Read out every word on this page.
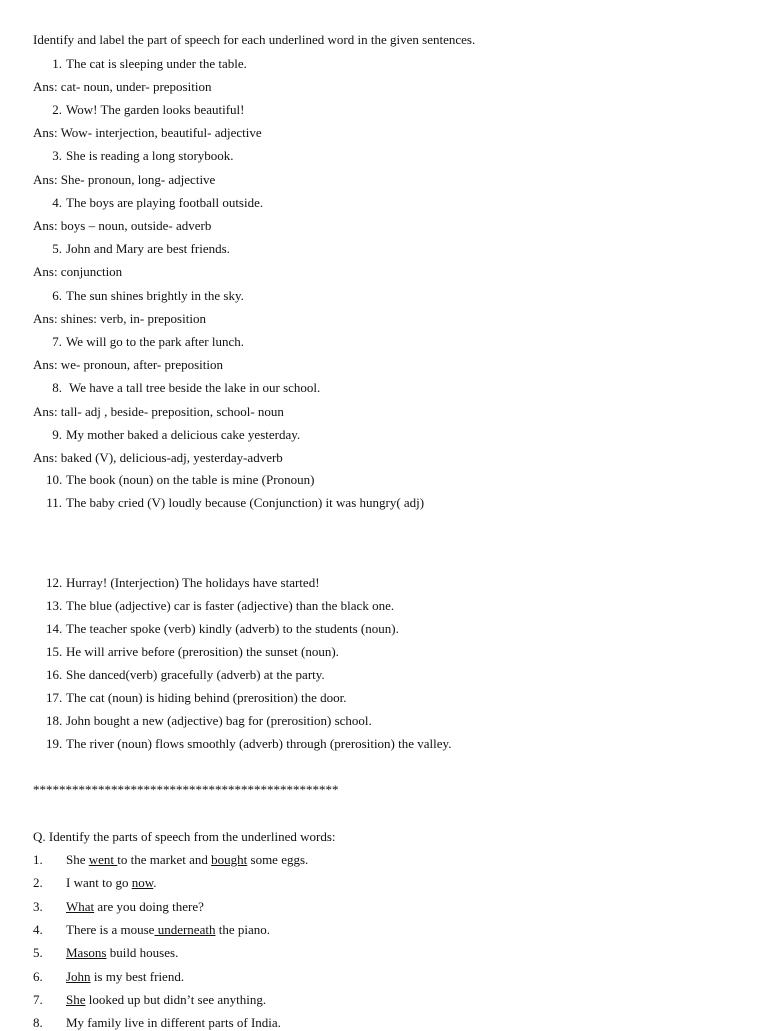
Identify and label the part of speech for each underlined word in the given sentences.
1. The cat is sleeping under the table.
Ans: cat- noun, under- preposition
2. Wow! The garden looks beautiful!
Ans: Wow- interjection, beautiful- adjective
3. She is reading a long storybook.
Ans: She- pronoun, long- adjective
4. The boys are playing football outside.
Ans: boys – noun, outside- adverb
5. John and Mary are best friends.
Ans: conjunction
6. The sun shines brightly in the sky.
Ans: shines: verb, in- preposition
7. We will go to the park after lunch.
Ans: we- pronoun, after- preposition
8. We have a tall tree beside the lake in our school.
Ans: tall- adj , beside- preposition, school- noun
9. My mother baked a delicious cake yesterday.
Ans: baked (V), delicious-adj, yesterday-adverb
10. The book (noun) on the table is mine (Pronoun)
11. The baby cried (V) loudly because (Conjunction) it was hungry( adj)
12. Hurray! (Interjection) The holidays have started!
13. The blue (adjective) car is faster (adjective) than the black one.
14. The teacher spoke (verb) kindly (adverb) to the students (noun).
15. He will arrive before (prerosition) the sunset (noun).
16. She danced(verb) gracefully (adverb) at the party.
17. The cat (noun) is hiding behind (prerosition) the door.
18. John bought a new (adjective) bag for (prerosition) school.
19. The river (noun) flows smoothly (adverb) through (prerosition) the valley.
***********************************************
Q. Identify the parts of speech from the underlined words:
1. She went to the market and bought some eggs.
2. I want to go now.
3. What are you doing there?
4. There is a mouse underneath the piano.
5. Masons build houses.
6. John is my best friend.
7. She looked up but didn’t see anything.
8. My family live in different parts of India.
